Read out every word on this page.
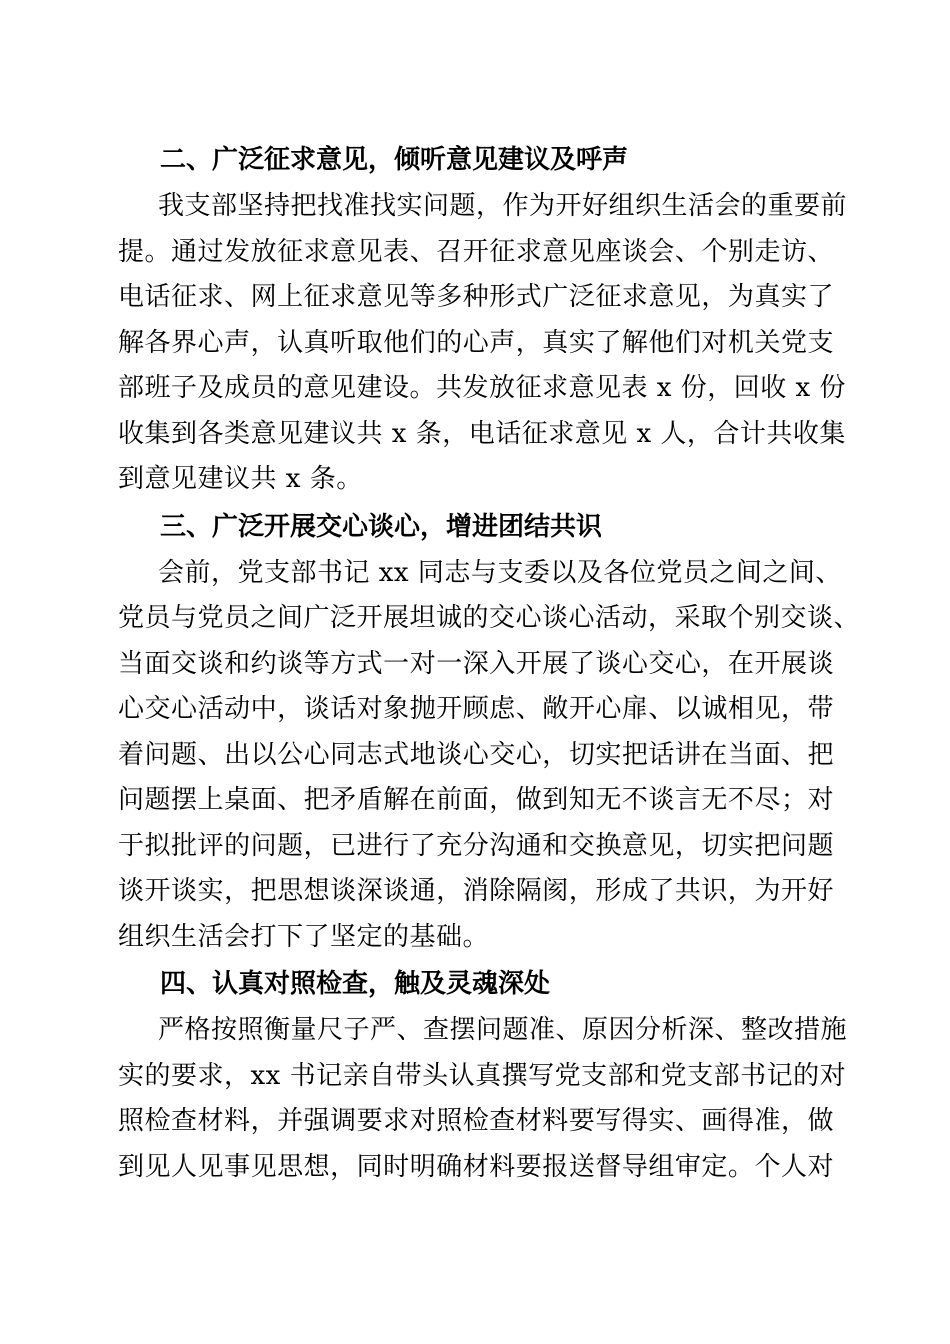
二、广泛征求意见，倾听意见建议及呼声
我支部坚持把找准找实问题，作为开好组织生活会的重要前
提。通过发放征求意见表、召开征求意见座谈会、个别走访、
电话征求、网上征求意见等多种形式广泛征求意见，为真实了
解各界心声，认真听取他们的心声，真实了解他们对机关党支
部班子及成员的意见建设。共发放征求意见表 x 份，回收 x 份
收集到各类意见建议共 x 条，电话征求意见 x 人，合计共收集
到意见建议共 x 条。
三、广泛开展交心谈心，增进团结共识
会前，党支部书记 xx 同志与支委以及各位党员之间之间、
党员与党员之间广泛开展坦诚的交心谈心活动，采取个别交谈、
当面交谈和约谈等方式一对一深入开展了谈心交心，在开展谈
心交心活动中，谈话对象抛开顾虑、敞开心扉、以诚相见，带
着问题、出以公心同志式地谈心交心，切实把话讲在当面、把
问题摆上桌面、把矛盾解在前面，做到知无不谈言无不尽；对
于拟批评的问题，已进行了充分沟通和交换意见，切实把问题
谈开谈实，把思想谈深谈通，消除隔阂，形成了共识，为开好
组织生活会打下了坚定的基础。
四、认真对照检查，触及灵魂深处
严格按照衡量尺子严、查摆问题准、原因分析深、整改措施
实的要求，xx 书记亲自带头认真撰写党支部和党支部书记的对
照检查材料，并强调要求对照检查材料要写得实、画得准，做
到见人见事见思想，同时明确材料要报送督导组审定。个人对
